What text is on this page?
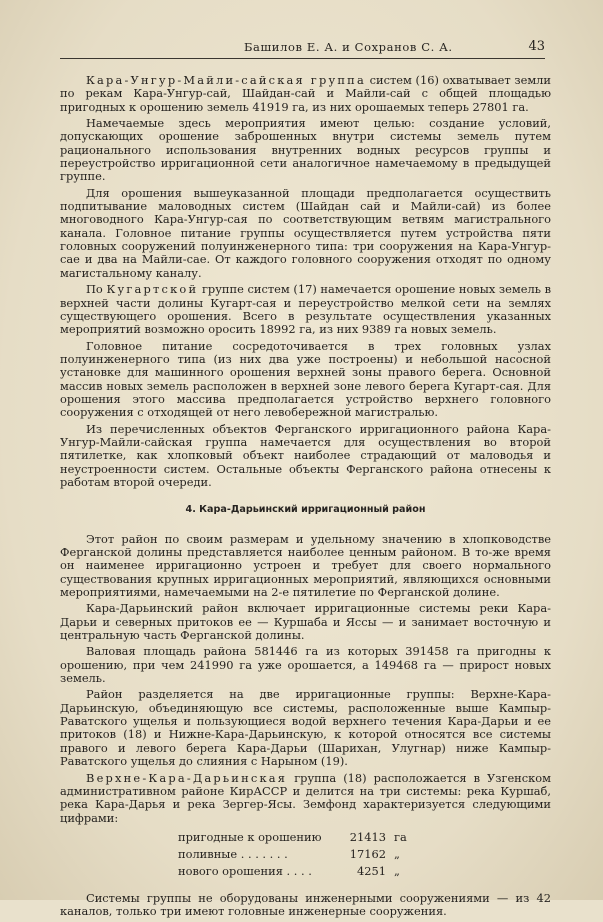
Башилов Е. А. и Сохранов С. А.	43

Кара-Унгур-Майли-сайская группа систем (16) охватывает земли по рекам Кара-Унгур-сай, Шайдан-сай и Майли-сай с общей площадью пригодных к орошению земель 41919 га, из них орошаемых теперь 27801 га.

Намечаемые здесь мероприятия имеют целью: создание условий, допускающих орошение заброшенных внутри системы земель путем рационального использования внутренних водных ресурсов группы и переустройство ирригационной сети аналогичное намечаемому в предыдущей группе.

Для орошения вышеуказанной площади предполагается осуществить подпитывание маловодных систем (Шайдан сай и Майли-сай) из более многоводного Кара-Унгур-сая по соответствующим ветвям магистрального канала. Головное питание группы осуществляется путем устройства пяти головных сооружений полуинженерного типа: три сооружения на Кара-Унгур-сае и два на Майли-сае. От каждого головного сооружения отходят по одному магистальному каналу.

По Кугартской группе систем (17) намечается орошение новых земель в верхней части долины Кугарт-сая и переустройство мелкой сети на землях существующего орошения. Всего в результате осуществления указанных мероприятий возможно оросить 18992 га, из них 9389 га новых земель.

Головное питание сосредоточивается в трех головных узлах полуинженерного типа (из них два уже построены) и небольшой насосной установке для машинного орошения верхней зоны правого берега. Основной массив новых земель расположен в верхней зоне левого берега Кугарт-сая. Для орошения этого массива предполагается устройство верхнего головного сооружения с отходящей от него левобережной магистралью.

Из перечисленных объектов Ферганского ирригационного района Кара-Унгур-Майли-сайская группа намечается для осуществления во второй пятилетке, как хлопковый объект наиболее страдающий от маловодья и неустроенности систем. Остальные объекты Ферганского района отнесены к работам второй очереди.

4. Кара-Дарьинский ирригационный район

Этот район по своим размерам и удельному значению в хлопководстве Ферганской долины представляется наиболее ценным районом. В то-же время он наименее ирригационно устроен и требует для своего нормального существования крупных ирригационных мероприятий, являющихся основными мероприятиями, намечаемыми на 2-е пятилетие по Ферганской долине.

Кара-Дарьинский район включает ирригационные системы реки Кара-Дарьи и северных притоков ее — Куршаба и Яссы — и занимает восточную и центральную часть Ферганской долины.

Валовая площадь района 581446 га из которых 391458 га пригодны к орошению, при чем 241990 га уже орошается, а 149468 га — прирост новых земель.

Район разделяется на две ирригационные группы: Верхне-Кара-Дарьинскую, объединяющую все системы, расположенные выше Кампыр-Раватского ущелья и пользующиеся водой верхнего течения Кара-Дарьи и ее притоков (18) и Нижне-Кара-Дарьинскую, к которой относятся все системы правого и левого берега Кара-Дарьи (Шарихан, Улугнар) ниже Кампыр-Раватского ущелья до слияния с Нарыном (19).

Верхне-Кара-Дарьинская группа (18) расположается в Узгенском административном районе КирАССР и делится на три системы: река Куршаб, река Кара-Дарья и река Зергер-Ясы. Земфонд характеризуется следующими цифрами:

пригодные к орошению	21413 га
поливные . . . . . . .	17162 „
нового орошения . . . .	4251 „

Системы группы не оборудованы инженерными сооружениями — из 42 каналов, только три имеют головные инженерные сооружения.
